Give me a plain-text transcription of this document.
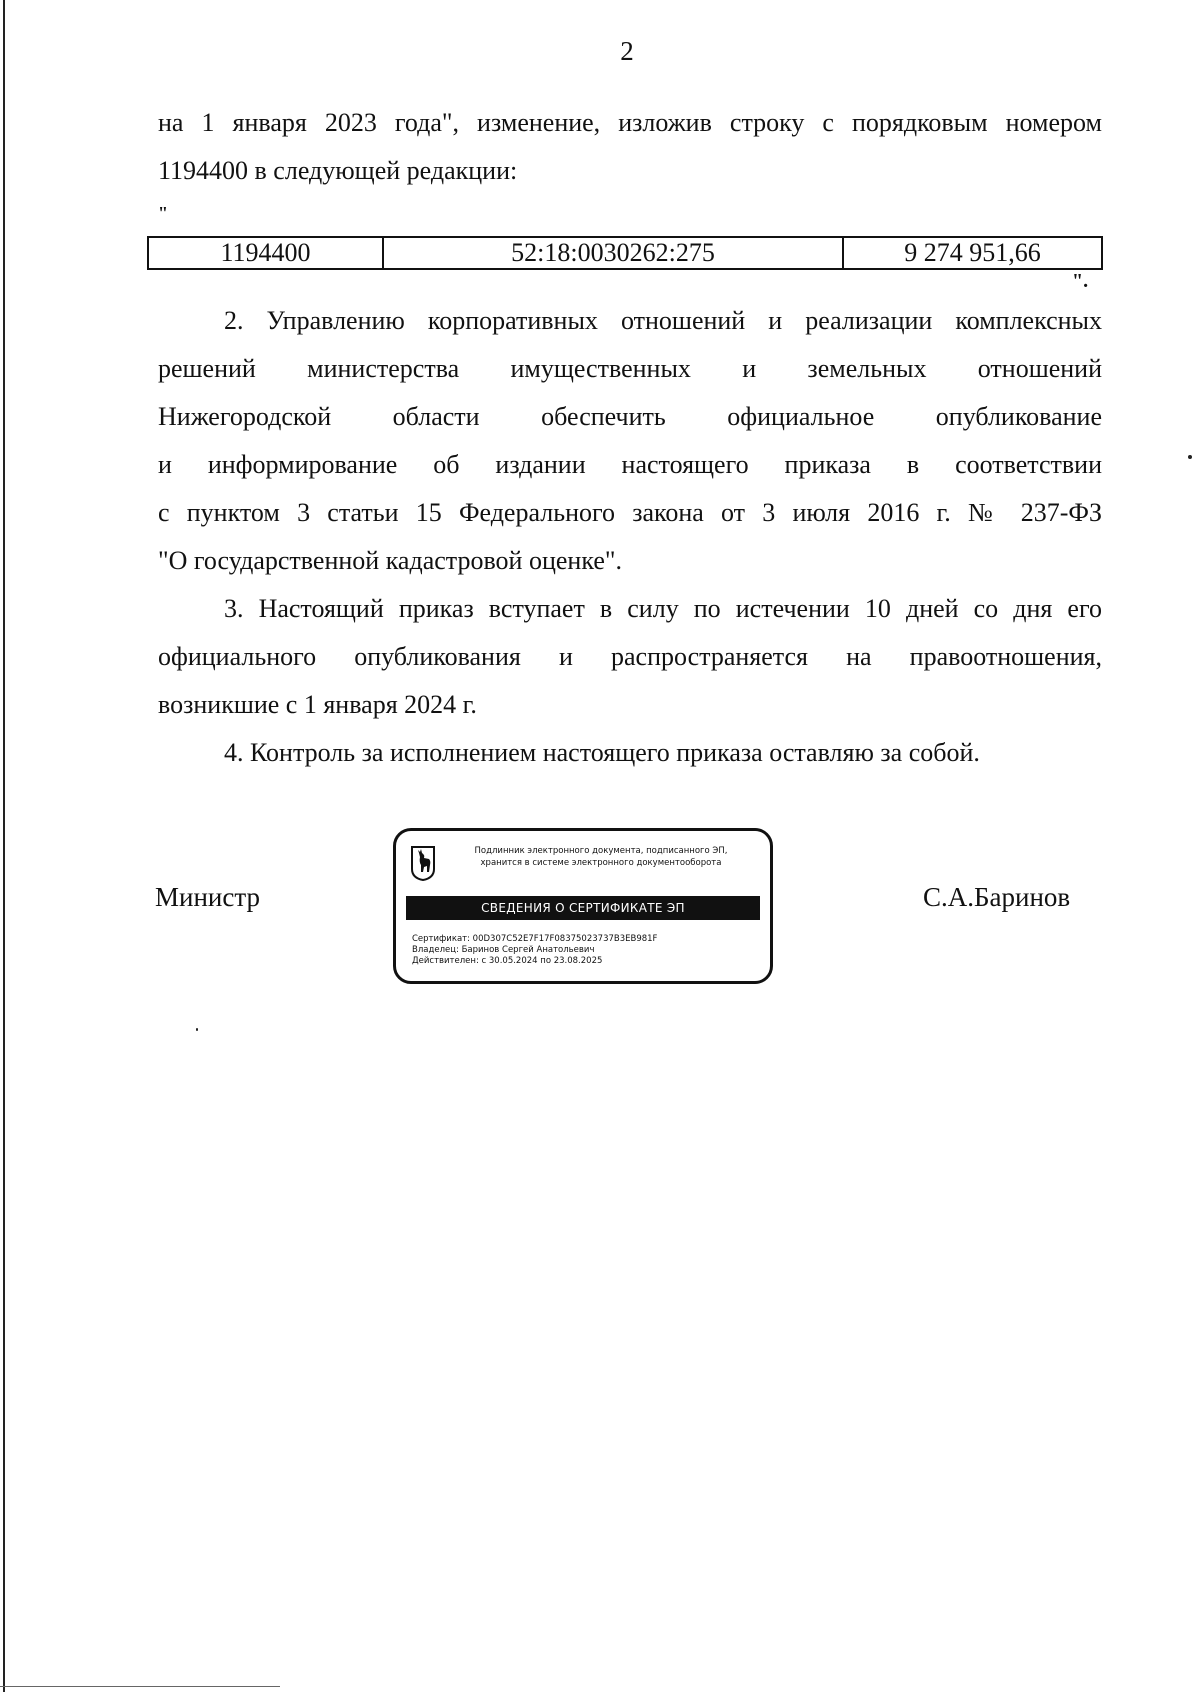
2

на 1 января 2023 года", изменение, изложив строку с порядковым номером

1194400 в следующей редакции:

"
1194400	52:18:0030262:275	9 274 951,66
".
2. Управлению корпоративных отношений и реализации комплексных

решений министерства имущественных и земельных отношений

Нижегородской области обеспечить официальное опубликование

и информирование об издании настоящего приказа в соответствии

с пунктом 3 статьи 15 Федерального закона от 3 июля 2016 г. № 237-ФЗ

"О государственной кадастровой оценке".

3. Настоящий приказ вступает в силу по истечении 10 дней со дня его

официального опубликования и распространяется на правоотношения,

возникшие с 1 января 2024 г.

4. Контроль за исполнением настоящего приказа оставляю за собой.
Министр
Подлинник электронного документа, подписанного ЭП,
хранится в системе электронного документооборота
СВЕДЕНИЯ О СЕРТИФИКАТЕ ЭП
Сертификат: 00D307C52E7F17F08375023737B3EB981F
Владелец: Баринов Сергей Анатольевич
Действителен: с 30.05.2024 по 23.08.2025
С.А.Баринов
